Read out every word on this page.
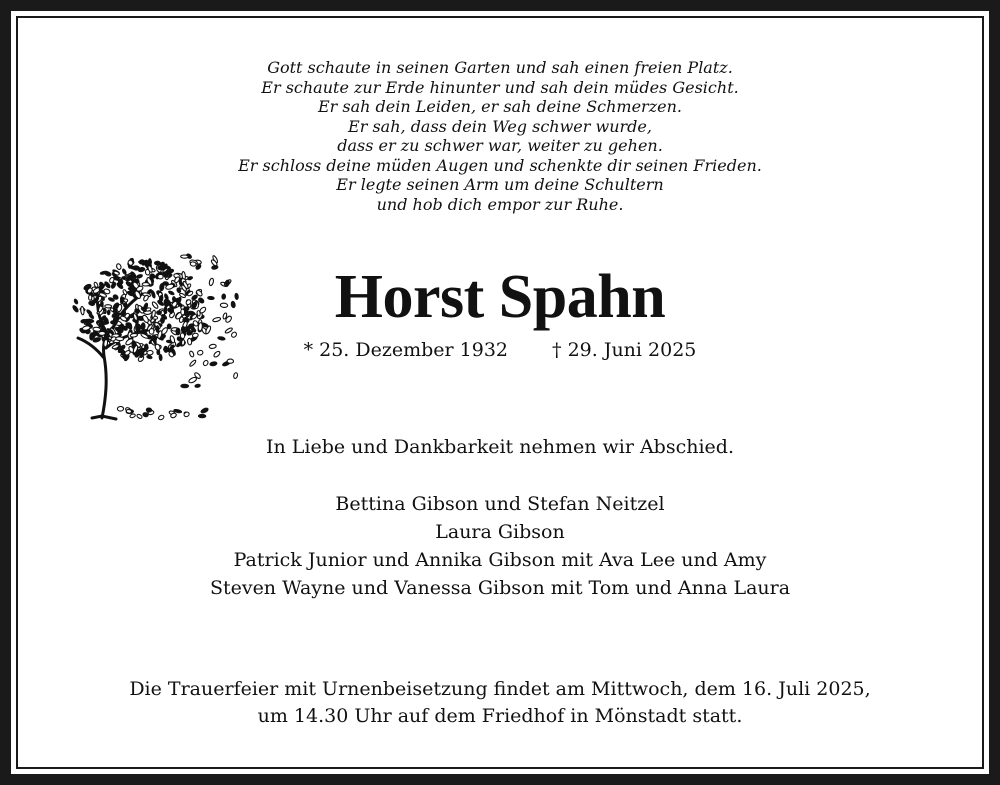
Gott schaute in seinen Garten und sah einen freien Platz.
Er schaute zur Erde hinunter und sah dein müdes Gesicht.
Er sah dein Leiden, er sah deine Schmerzen.
Er sah, dass dein Weg schwer wurde,
dass er zu schwer war, weiter zu gehen.
Er schloss deine müden Augen und schenkte dir seinen Frieden.
Er legte seinen Arm um deine Schultern
und hob dich empor zur Ruhe.
Horst Spahn
* 25. Dezember 1932 † 29. Juni 2025
In Liebe und Dankbarkeit nehmen wir Abschied.
Bettina Gibson und Stefan Neitzel
Laura Gibson
Patrick Junior und Annika Gibson mit Ava Lee und Amy
Steven Wayne und Vanessa Gibson mit Tom und Anna Laura
Die Trauerfeier mit Urnenbeisetzung findet am Mittwoch, dem 16. Juli 2025,
um 14.30 Uhr auf dem Friedhof in Mönstadt statt.
